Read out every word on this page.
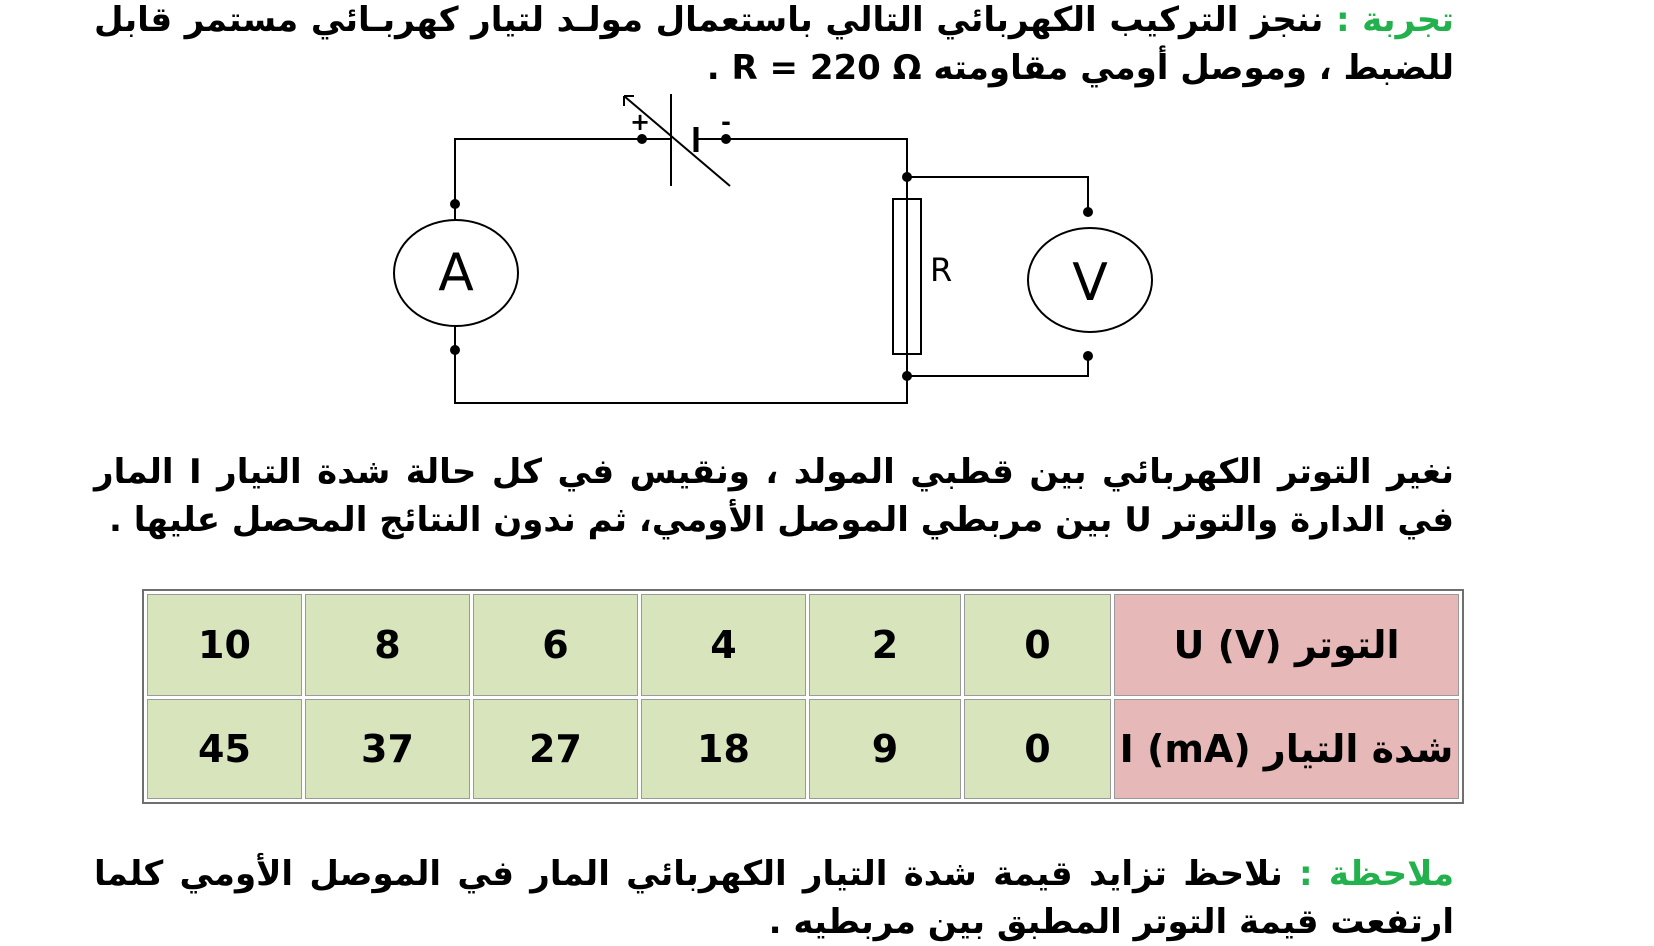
تجربة : ننجز التركيب الكهربائي التالي باستعمال مولـد لتيار كهربـائي مستمر قابل للضبط ، وموصل أومي مقاومته R = 220 Ω .
+	-
A	V
R
نغير التوتر الكهربائي بين قطبي المولد ، ونقيس في كل حالة شدة التيار I المار في الدارة والتوتر U بين مربطي الموصل الأومي، ثم ندون النتائج المحصل عليها .
10	8	6	4	2	0	التوتر U (V)
45	37	27	18	9	0	شدة التيار I (mA)
ملاحظة : نلاحظ تزايد قيمة شدة التيار الكهربائي المار في الموصل الأومي كلما ارتفعت قيمة التوتر المطبق بين مربطيه .
